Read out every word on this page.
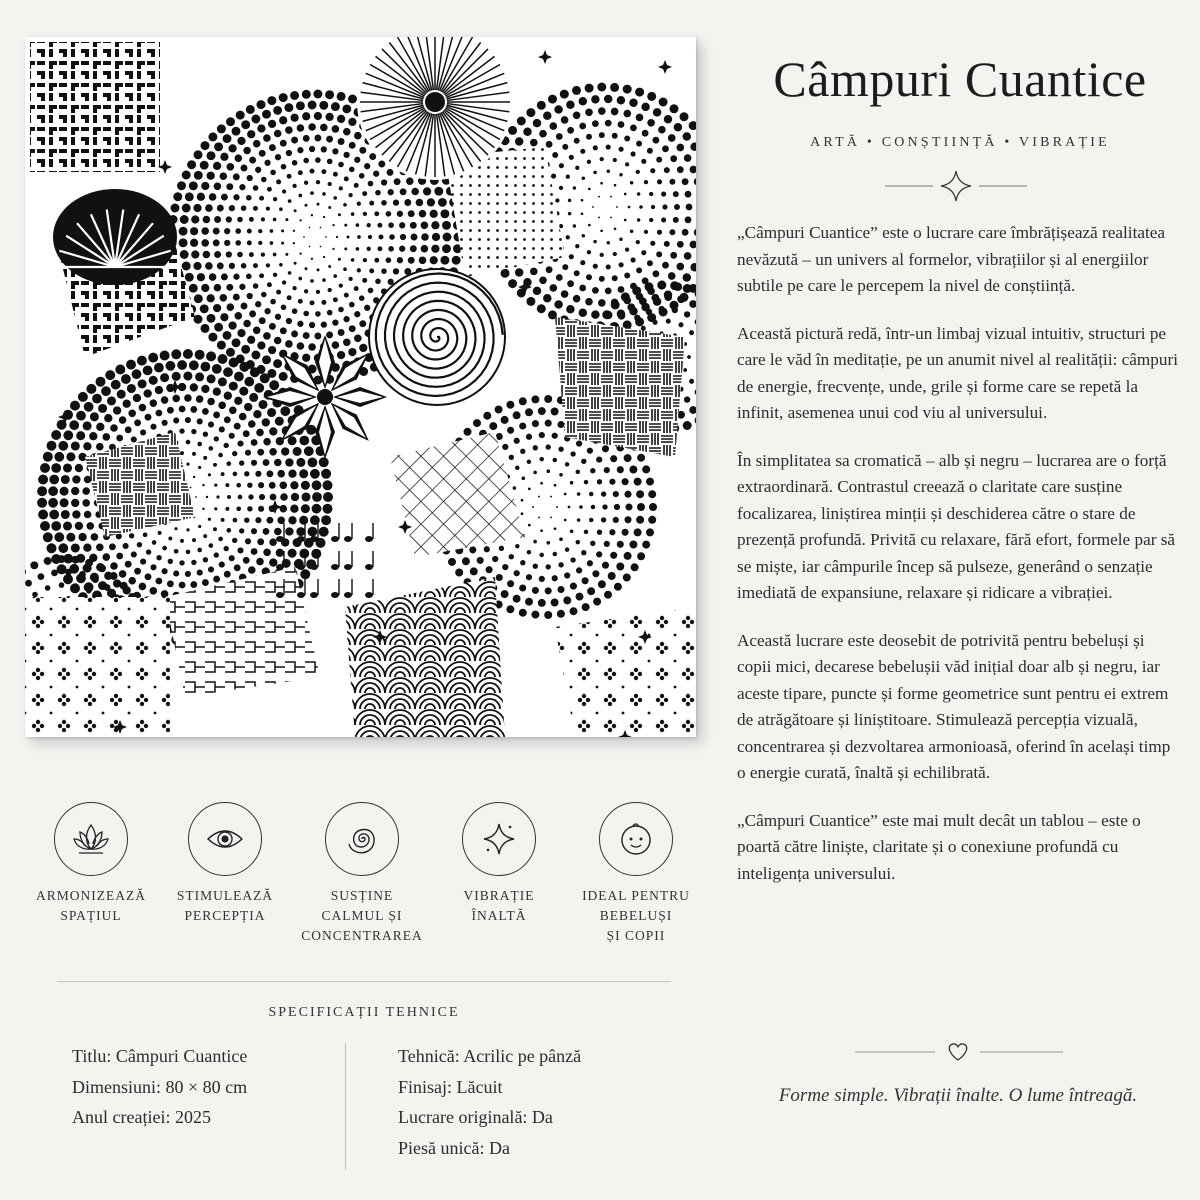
Câmpuri Cuantice
ARTĂ • CONȘTIINȚĂ • VIBRAȚIE

„Câmpuri Cuantice” este o lucrare care îmbrățișează realitatea nevăzută – un univers al formelor, vibrațiilor și al energiilor subtile pe care le percepem la nivel de conștiință.

Această pictură redă, într-un limbaj vizual intuitiv, structuri pe care le văd în meditație, pe un anumit nivel al realității: câmpuri de energie, frecvențe, unde, grile și forme care se repetă la infinit, asemenea unui cod viu al universului.

În simplitatea sa cromatică – alb și negru – lucrarea are o forță extraordinară. Contrastul creează o claritate care susține focalizarea, liniștirea minții și deschiderea către o stare de prezență profundă. Privită cu relaxare, fără efort, formele par să se miște, iar câmpurile încep să pulseze, generând o senzație imediată de expansiune, relaxare și ridicare a vibrației.

Această lucrare este deosebit de potrivită pentru bebeluși și copii mici, decarese bebelușii văd inițial doar alb și negru, iar aceste tipare, puncte și forme geometrice sunt pentru ei extrem de atrăgătoare și liniștitoare. Stimulează percepția vizuală, concentrarea și dezvoltarea armonioasă, oferind în același timp o energie curată, înaltă și echilibrată.

„Câmpuri Cuantice” este mai mult decât un tablou – este o poartă către liniște, claritate și o conexiune profundă cu inteligența universului.

Forme simple. Vibrații înalte. O lume întreagă.
ARMONIZEAZĂ
SPAȚIUL
STIMULEAZĂ
PERCEPȚIA
SUSȚINE
CALMUL ȘI
CONCENTRAREA
VIBRAȚIE
ÎNALTĂ
IDEAL PENTRU
BEBELUȘI
ȘI COPII
SPECIFICAȚII TEHNICE
Titlu: Câmpuri Cuantice
Dimensiuni: 80 × 80 cm
Anul creației: 2025
Tehnică: Acrilic pe pânză
Finisaj: Lăcuit
Lucrare originală: Da
Piesă unică: Da
